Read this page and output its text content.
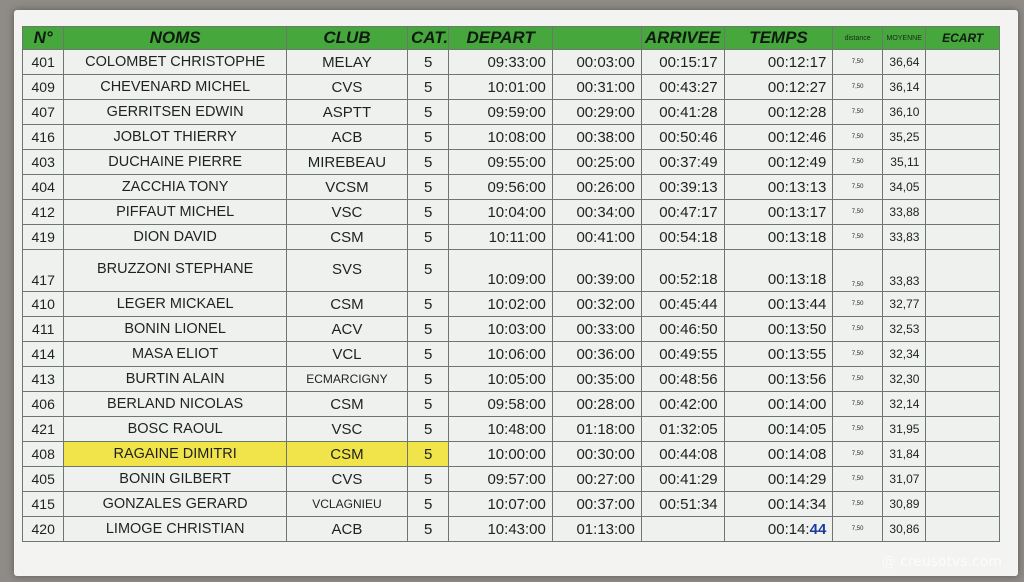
N°	NOMS	CLUB	CAT.	DEPART		ARRIVEE	TEMPS	distance	MOYENNE	ECART
401	COLOMBET CHRISTOPHE	MELAY	5	09:33:00	00:03:00	00:15:17	00:12:17	7,50	36,64	
409	CHEVENARD MICHEL	CVS	5	10:01:00	00:31:00	00:43:27	00:12:27	7,50	36,14	
407	GERRITSEN EDWIN	ASPTT	5	09:59:00	00:29:00	00:41:28	00:12:28	7,50	36,10	
416	JOBLOT THIERRY	ACB	5	10:08:00	00:38:00	00:50:46	00:12:46	7,50	35,25	
403	DUCHAINE PIERRE	MIREBEAU	5	09:55:00	00:25:00	00:37:49	00:12:49	7,50	35,11	
404	ZACCHIA TONY	VCSM	5	09:56:00	00:26:00	00:39:13	00:13:13	7,50	34,05	
412	PIFFAUT MICHEL	VSC	5	10:04:00	00:34:00	00:47:17	00:13:17	7,50	33,88	
419	DION DAVID	CSM	5	10:11:00	00:41:00	00:54:18	00:13:18	7,50	33,83	
417	BRUZZONI STEPHANE	SVS	5	10:09:00	00:39:00	00:52:18	00:13:18	7,50	33,83	
410	LEGER MICKAEL	CSM	5	10:02:00	00:32:00	00:45:44	00:13:44	7,50	32,77	
411	BONIN LIONEL	ACV	5	10:03:00	00:33:00	00:46:50	00:13:50	7,50	32,53	
414	MASA ELIOT	VCL	5	10:06:00	00:36:00	00:49:55	00:13:55	7,50	32,34	
413	BURTIN ALAIN	ECMARCIGNY	5	10:05:00	00:35:00	00:48:56	00:13:56	7,50	32,30	
406	BERLAND NICOLAS	CSM	5	09:58:00	00:28:00	00:42:00	00:14:00	7,50	32,14	
421	BOSC RAOUL	VSC	5	10:48:00	01:18:00	01:32:05	00:14:05	7,50	31,95	
408	RAGAINE DIMITRI	CSM	5	10:00:00	00:30:00	00:44:08	00:14:08	7,50	31,84	
405	BONIN GILBERT	CVS	5	09:57:00	00:27:00	00:41:29	00:14:29	7,50	31,07	
415	GONZALES GERARD	VCLAGNIEU	5	10:07:00	00:37:00	00:51:34	00:14:34	7,50	30,89	
420	LIMOGE CHRISTIAN	ACB	5	10:43:00	01:13:00		00:14:44	7,50	30,86	
@ creusotvs.com
